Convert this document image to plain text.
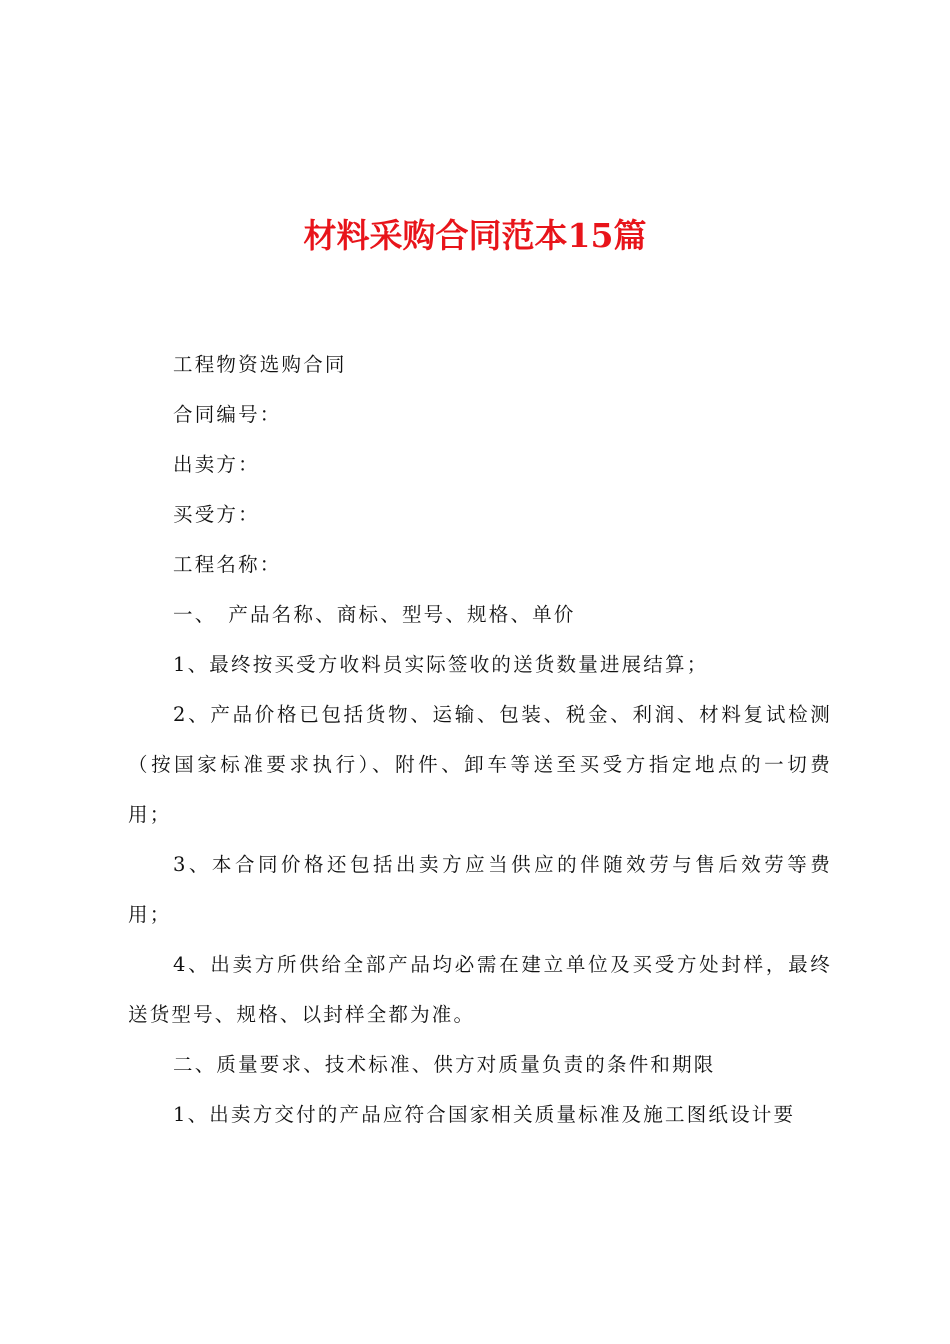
材料采购合同范本15篇

工程物资选购合同

合同编号：

出卖方：

买受方：

工程名称：

一、　产品名称、商标、型号、规格、单价

1、最终按买受方收料员实际签收的送货数量进展结算；

2、产品价格已包括货物、运输、包装、税金、利润、材料复试检测（按国家标准要求执行）、附件、卸车等送至买受方指定地点的一切费用；

3、本合同价格还包括出卖方应当供应的伴随效劳与售后效劳等费用；

4、出卖方所供给全部产品均必需在建立单位及买受方处封样，最终送货型号、规格、以封样全都为准。

二、质量要求、技术标准、供方对质量负责的条件和期限

1、出卖方交付的产品应符合国家相关质量标准及施工图纸设计要
